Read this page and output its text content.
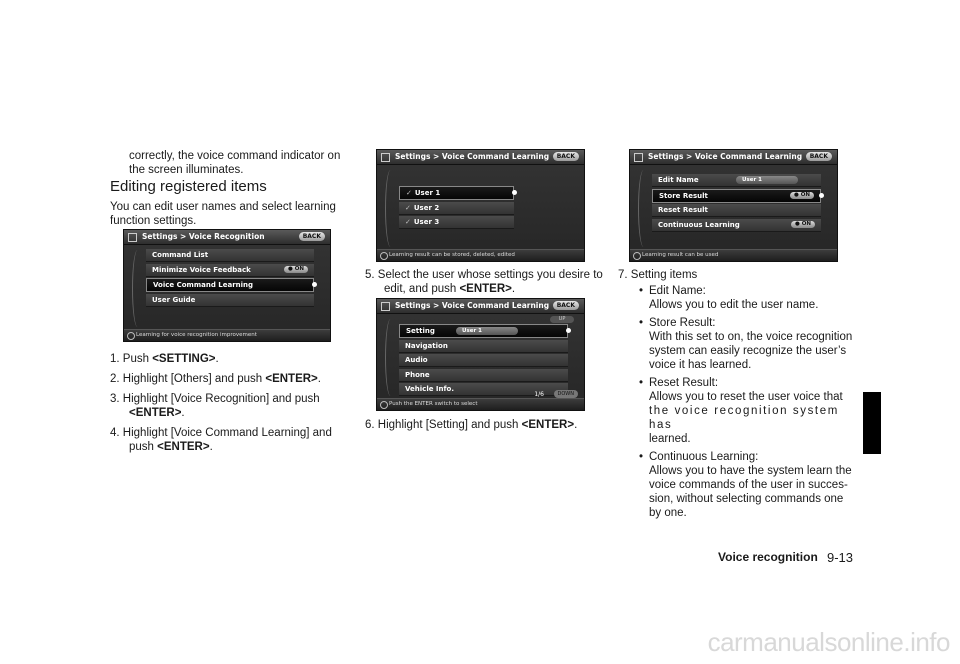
correctly, the voice command indicator on

the screen illuminates.

Editing registered items

You can edit user names and select learning

function settings.

Settings > Voice Recognition	BACK
Command List
Minimize Voice Feedback	● ON
Voice Command Learning
User Guide
Learning for voice recognition improvement

1. Push <SETTING>.

2. Highlight [Others] and push <ENTER>.

3. Highlight [Voice Recognition] and push

<ENTER>.

4. Highlight [Voice Command Learning] and

push <ENTER>.

Settings > Voice Command Learning	BACK
✓ User 1
✓ User 2
✓ User 3
Learning result can be stored, deleted, edited

5. Select the user whose settings you desire to

edit, and push <ENTER>.

Settings > Voice Command Learning	BACK
UP
Setting	User 1
Navigation
Audio
Phone
Vehicle Info.
Push the ENTER switch to select
1/6	DOWN

6. Highlight [Setting] and push <ENTER>.

Settings > Voice Command Learning	BACK
Edit Name	User 1
Store Result	● ON
Reset Result
Continuous Learning	● ON
Learning result can be used

7. Setting items

• Edit Name:
Allows you to edit the user name.
• Store Result:
With this set to on, the voice recognition
system can easily recognize the user’s
voice it has learned.
• Reset Result:
Allows you to reset the user voice that
the voice recognition system has
learned.
• Continuous Learning:
Allows you to have the system learn the
voice commands of the user in succes-
sion, without selecting commands one
by one.
Voice recognition 9-13
carmanualsonline.info
